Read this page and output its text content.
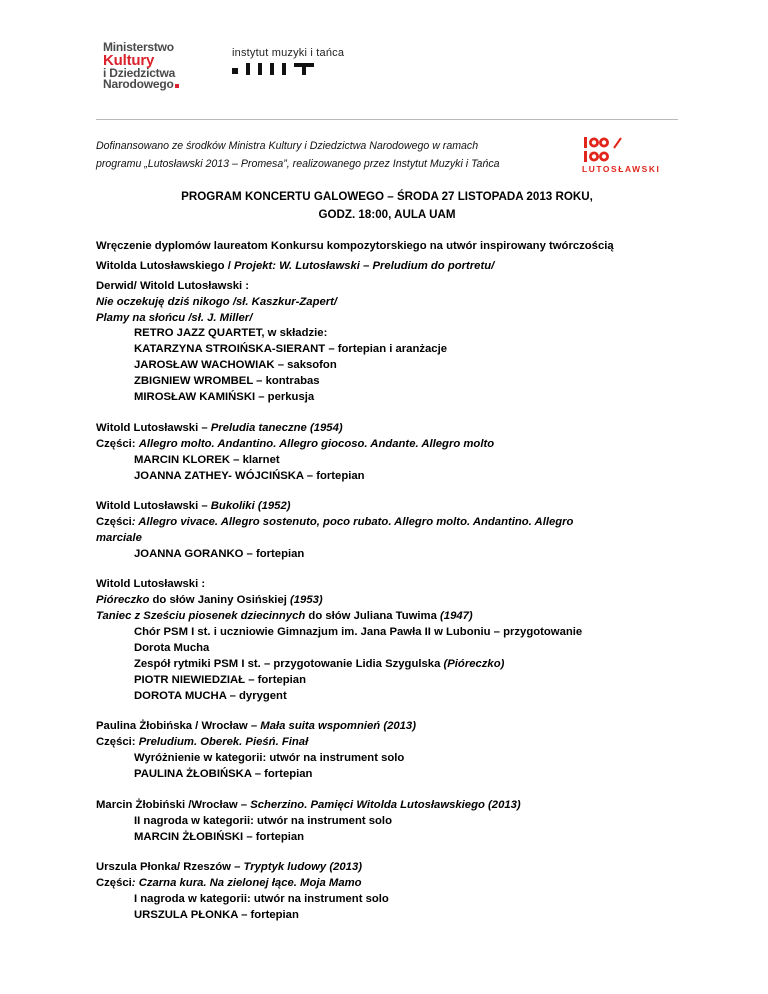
Ministerstwo
Kultury
i Dziedzictwa
Narodowego
instytut muzyki i tańca
Dofinansowano ze środków Ministra Kultury i Dziedzictwa Narodowego w ramach
programu „Lutosławski 2013 – Promesa”, realizowanego przez Instytut Muzyki i Tańca	LUTOSŁAWSKI
PROGRAM KONCERTU GALOWEGO – ŚRODA 27 LISTOPADA 2013 ROKU,
GODZ. 18:00, AULA UAM
Wręczenie dyplomów laureatom Konkursu kompozytorskiego na utwór inspirowany twórczością
Witolda Lutosławskiego / Projekt: W. Lutosławski – Preludium do portretu/
Derwid/ Witold Lutosławski :
Nie oczekuję dziś nikogo /sł. Kaszkur-Zapert/
Plamy na słońcu /sł. J. Miller/
RETRO JAZZ QUARTET, w składzie:
KATARZYNA STROIŃSKA-SIERANT – fortepian i aranżacje
JAROSŁAW WACHOWIAK – saksofon
ZBIGNIEW WROMBEL – kontrabas
MIROSŁAW KAMIŃSKI – perkusja
Witold Lutosławski – Preludia taneczne (1954)
Części: Allegro molto. Andantino. Allegro giocoso. Andante. Allegro molto
MARCIN KLOREK – klarnet
JOANNA ZATHEY- WÓJCIŃSKA – fortepian
Witold Lutosławski – Bukoliki (1952)
Części: Allegro vivace. Allegro sostenuto, poco rubato. Allegro molto. Andantino. Allegro
marciale
JOANNA GORANKO – fortepian
Witold Lutosławski :
Pióreczko do słów Janiny Osińskiej (1953)
Taniec z Sześciu piosenek dziecinnych do słów Juliana Tuwima (1947)
Chór PSM I st. i uczniowie Gimnazjum im. Jana Pawła II w Luboniu – przygotowanie
Dorota Mucha
Zespół rytmiki PSM I st. – przygotowanie Lidia Szygulska (Pióreczko)
PIOTR NIEWIEDZIAŁ – fortepian
DOROTA MUCHA – dyrygent
Paulina Żłobińska / Wrocław – Mała suita wspomnień (2013)
Części: Preludium. Oberek. Pieśń. Finał
Wyróżnienie w kategorii: utwór na instrument solo
PAULINA ŻŁOBIŃSKA – fortepian
Marcin Żłobiński /Wrocław – Scherzino. Pamięci Witolda Lutosławskiego (2013)
II nagroda w kategorii: utwór na instrument solo
MARCIN ŻŁOBIŃSKI – fortepian
Urszula Płonka/ Rzeszów – Tryptyk ludowy (2013)
Części: Czarna kura. Na zielonej łące. Moja Mamo
I nagroda w kategorii: utwór na instrument solo
URSZULA PŁONKA – fortepian
